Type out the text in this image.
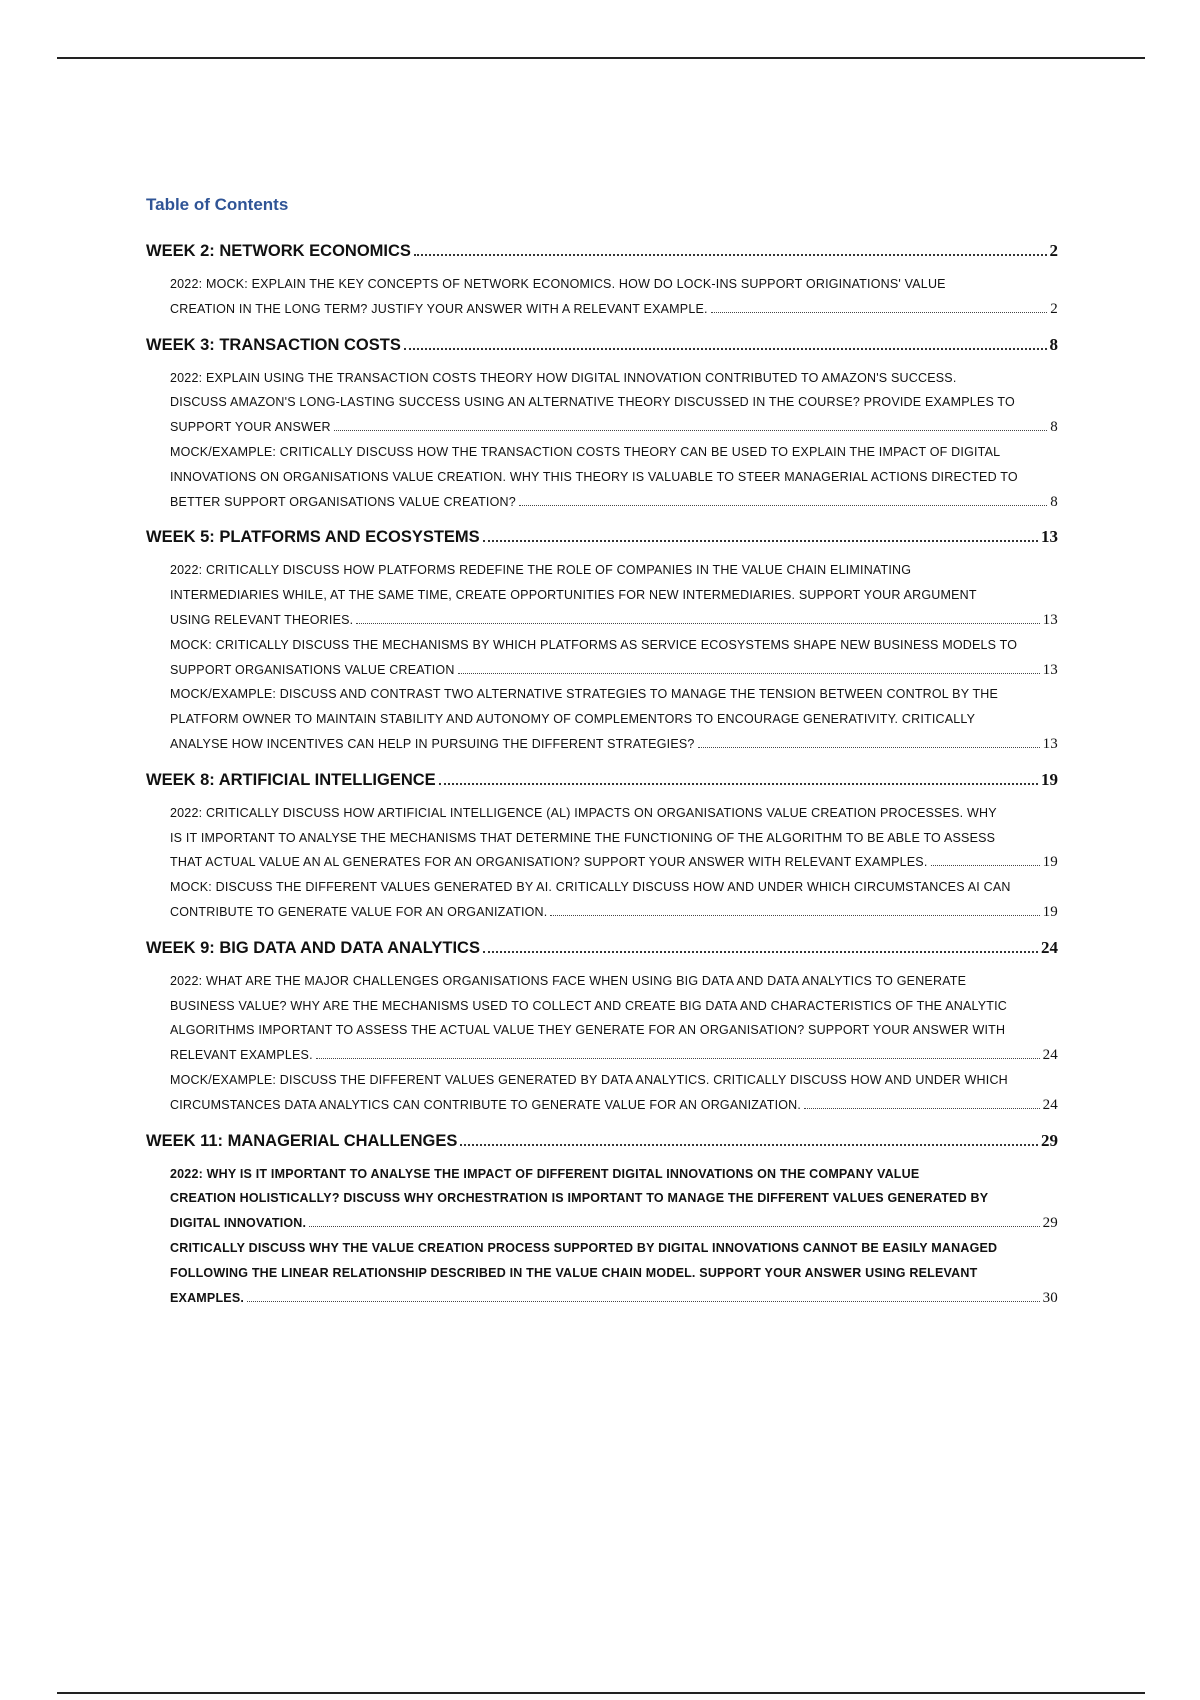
Table of Contents
WEEK 2: NETWORK ECONOMICS	2
2022: MOCK: EXPLAIN THE KEY CONCEPTS OF NETWORK ECONOMICS. HOW DO LOCK-INS SUPPORT ORIGINATIONS' VALUE
CREATION IN THE LONG TERM? JUSTIFY YOUR ANSWER WITH A RELEVANT EXAMPLE.	2
WEEK 3: TRANSACTION COSTS	8
2022: EXPLAIN USING THE TRANSACTION COSTS THEORY HOW DIGITAL INNOVATION CONTRIBUTED TO AMAZON'S SUCCESS.
DISCUSS AMAZON'S LONG-LASTING SUCCESS USING AN ALTERNATIVE THEORY DISCUSSED IN THE COURSE? PROVIDE EXAMPLES TO
SUPPORT YOUR ANSWER	8
MOCK/EXAMPLE: CRITICALLY DISCUSS HOW THE TRANSACTION COSTS THEORY CAN BE USED TO EXPLAIN THE IMPACT OF DIGITAL
INNOVATIONS ON ORGANISATIONS VALUE CREATION. WHY THIS THEORY IS VALUABLE TO STEER MANAGERIAL ACTIONS DIRECTED TO
BETTER SUPPORT ORGANISATIONS VALUE CREATION?	8
WEEK 5: PLATFORMS AND ECOSYSTEMS	13
2022: CRITICALLY DISCUSS HOW PLATFORMS REDEFINE THE ROLE OF COMPANIES IN THE VALUE CHAIN ELIMINATING
INTERMEDIARIES WHILE, AT THE SAME TIME, CREATE OPPORTUNITIES FOR NEW INTERMEDIARIES. SUPPORT YOUR ARGUMENT
USING RELEVANT THEORIES.	13
MOCK: CRITICALLY DISCUSS THE MECHANISMS BY WHICH PLATFORMS AS SERVICE ECOSYSTEMS SHAPE NEW BUSINESS MODELS TO
SUPPORT ORGANISATIONS VALUE CREATION	13
MOCK/EXAMPLE: DISCUSS AND CONTRAST TWO ALTERNATIVE STRATEGIES TO MANAGE THE TENSION BETWEEN CONTROL BY THE
PLATFORM OWNER TO MAINTAIN STABILITY AND AUTONOMY OF COMPLEMENTORS TO ENCOURAGE GENERATIVITY. CRITICALLY
ANALYSE HOW INCENTIVES CAN HELP IN PURSUING THE DIFFERENT STRATEGIES?	13
WEEK 8: ARTIFICIAL INTELLIGENCE	19
2022: CRITICALLY DISCUSS HOW ARTIFICIAL INTELLIGENCE (AL) IMPACTS ON ORGANISATIONS VALUE CREATION PROCESSES. WHY
IS IT IMPORTANT TO ANALYSE THE MECHANISMS THAT DETERMINE THE FUNCTIONING OF THE ALGORITHM TO BE ABLE TO ASSESS
THAT ACTUAL VALUE AN AL GENERATES FOR AN ORGANISATION? SUPPORT YOUR ANSWER WITH RELEVANT EXAMPLES.	19
MOCK: DISCUSS THE DIFFERENT VALUES GENERATED BY AI. CRITICALLY DISCUSS HOW AND UNDER WHICH CIRCUMSTANCES AI CAN
CONTRIBUTE TO GENERATE VALUE FOR AN ORGANIZATION.	19
WEEK 9: BIG DATA AND DATA ANALYTICS	24
2022: WHAT ARE THE MAJOR CHALLENGES ORGANISATIONS FACE WHEN USING BIG DATA AND DATA ANALYTICS TO GENERATE
BUSINESS VALUE? WHY ARE THE MECHANISMS USED TO COLLECT AND CREATE BIG DATA AND CHARACTERISTICS OF THE ANALYTIC
ALGORITHMS IMPORTANT TO ASSESS THE ACTUAL VALUE THEY GENERATE FOR AN ORGANISATION? SUPPORT YOUR ANSWER WITH
RELEVANT EXAMPLES.	24
MOCK/EXAMPLE: DISCUSS THE DIFFERENT VALUES GENERATED BY DATA ANALYTICS. CRITICALLY DISCUSS HOW AND UNDER WHICH
CIRCUMSTANCES DATA ANALYTICS CAN CONTRIBUTE TO GENERATE VALUE FOR AN ORGANIZATION.	24
WEEK 11: MANAGERIAL CHALLENGES	29
2022: WHY IS IT IMPORTANT TO ANALYSE THE IMPACT OF DIFFERENT DIGITAL INNOVATIONS ON THE COMPANY VALUE
CREATION HOLISTICALLY? DISCUSS WHY ORCHESTRATION IS IMPORTANT TO MANAGE THE DIFFERENT VALUES GENERATED BY
DIGITAL INNOVATION.	29
CRITICALLY DISCUSS WHY THE VALUE CREATION PROCESS SUPPORTED BY DIGITAL INNOVATIONS CANNOT BE EASILY MANAGED
FOLLOWING THE LINEAR RELATIONSHIP DESCRIBED IN THE VALUE CHAIN MODEL. SUPPORT YOUR ANSWER USING RELEVANT
EXAMPLES.	30
